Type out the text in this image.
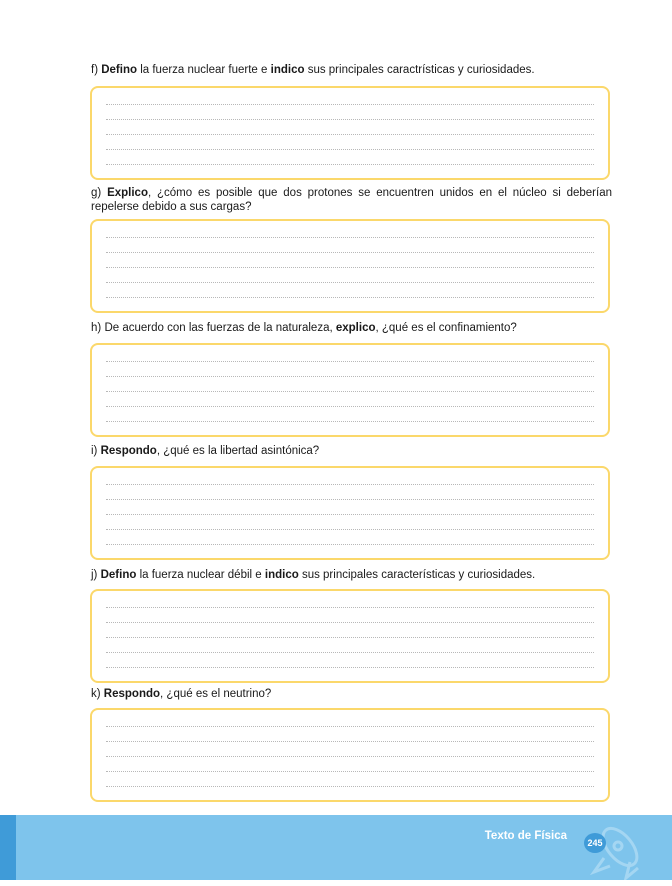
f) Defino la fuerza nuclear fuerte e indico sus principales caractrísticas y curiosidades.

g) Explico, ¿cómo es posible que dos protones se encuentren unidos en el núcleo si deberían repelerse debido a sus cargas?

h) De acuerdo con las fuerzas de la naturaleza, explico, ¿qué es el confinamiento?

i) Respondo, ¿qué es la libertad asintónica?

j) Defino la fuerza nuclear débil e indico sus principales características y curiosidades.

k) Respondo, ¿qué es el neutrino?

Texto de Física
245
